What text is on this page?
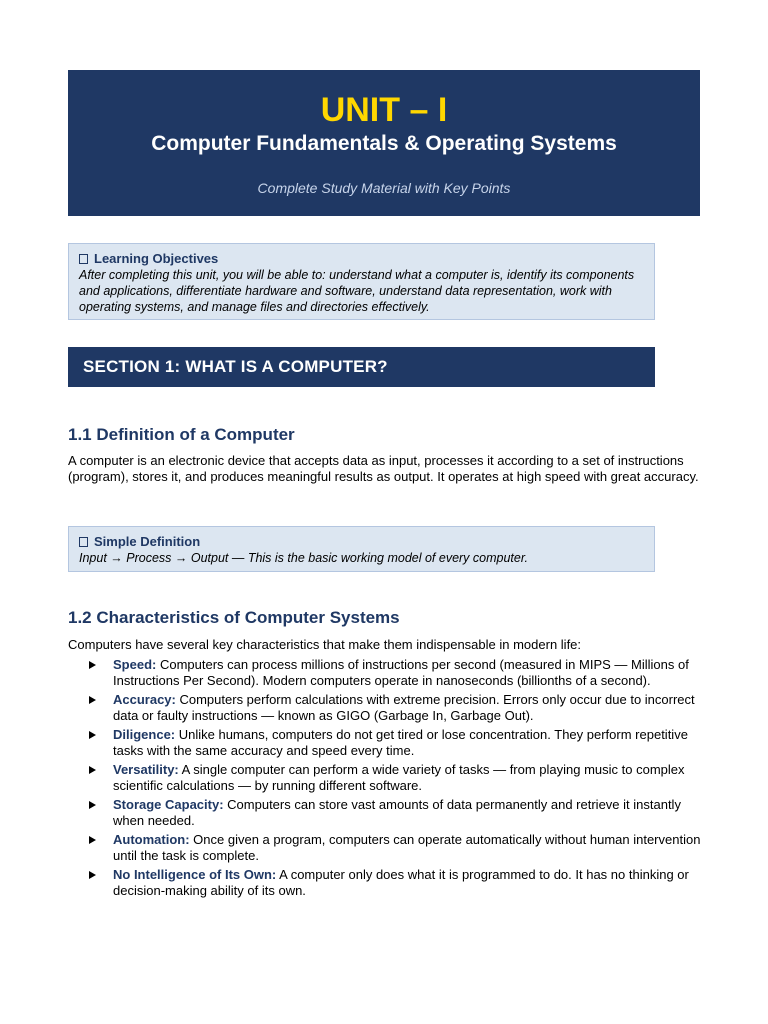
UNIT – I
Computer Fundamentals & Operating Systems
Complete Study Material with Key Points
Learning Objectives
After completing this unit, you will be able to: understand what a computer is, identify its components and applications, differentiate hardware and software, understand data representation, work with operating systems, and manage files and directories effectively.
SECTION 1: WHAT IS A COMPUTER?
1.1 Definition of a Computer

A computer is an electronic device that accepts data as input, processes it according to a set of instructions (program), stores it, and produces meaningful results as output. It operates at high speed with great accuracy.

Simple Definition
Input → Process → Output — This is the basic working model of every computer.
1.2 Characteristics of Computer Systems

Computers have several key characteristics that make them indispensable in modern life:

Speed: Computers can process millions of instructions per second (measured in MIPS — Millions of Instructions Per Second). Modern computers operate in nanoseconds (billionths of a second).
Accuracy: Computers perform calculations with extreme precision. Errors only occur due to incorrect data or faulty instructions — known as GIGO (Garbage In, Garbage Out).
Diligence: Unlike humans, computers do not get tired or lose concentration. They perform repetitive tasks with the same accuracy and speed every time.
Versatility: A single computer can perform a wide variety of tasks — from playing music to complex scientific calculations — by running different software.
Storage Capacity: Computers can store vast amounts of data permanently and retrieve it instantly when needed.
Automation: Once given a program, computers can operate automatically without human intervention until the task is complete.
No Intelligence of Its Own: A computer only does what it is programmed to do. It has no thinking or decision-making ability of its own.
